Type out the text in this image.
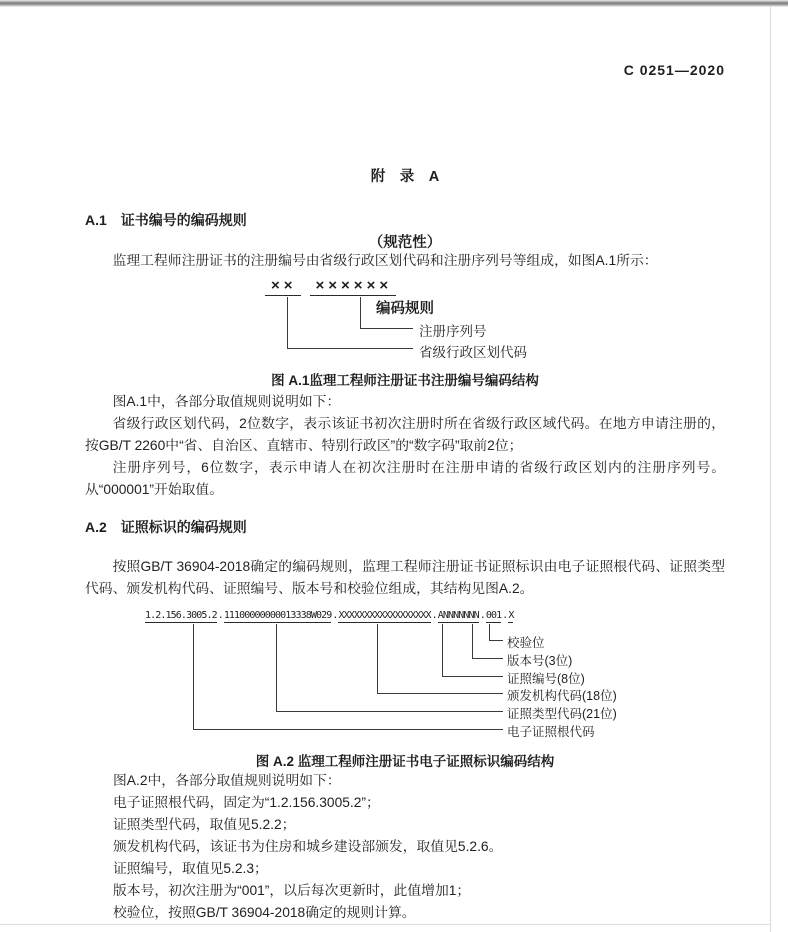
C 0251—2020

附　录　A

（规范性）

编码规则

A.1 证书编号的编码规则
监理工程师注册证书的注册编号由省级行政区划代码和注册序列号等组成，如图A.1所示：
×× ××××××
注册序列号
省级行政区划代码
图 A.1监理工程师注册证书注册编号编码结构
图A.1中，各部分取值规则说明如下：
省级行政区划代码，2位数字，表示该证书初次注册时所在省级行政区域代码。在地方申请注册的，按GB/T 2260中“省、自治区、直辖市、特别行政区”的“数字码”取前2位；
注册序列号，6位数字，表示申请人在初次注册时在注册申请的省级行政区划内的注册序列号。从“000001”开始取值。
A.2 证照标识的编码规则
按照GB/T 36904-2018确定的编码规则，监理工程师注册证书证照标识由电子证照根代码、证照类型代码、颁发机构代码、证照编号、版本号和校验位组成，其结构见图A.2。
1.2.156.3005.2.11100000000013338W029.XXXXXXXXXXXXXXXXXX.ANNNNNNN.001.X
校验位
版本号(3位)
证照编号(8位)
颁发机构代码(18位)
证照类型代码(21位)
电子证照根代码
图 A.2 监理工程师注册证书电子证照标识编码结构
图A.2中，各部分取值规则说明如下：
电子证照根代码，固定为“1.2.156.3005.2”；
证照类型代码，取值见5.2.2；
颁发机构代码，该证书为住房和城乡建设部颁发，取值见5.2.6。
证照编号，取值见5.2.3；
版本号，初次注册为“001”，以后每次更新时，此值增加1；
校验位，按照GB/T 36904-2018确定的规则计算。
